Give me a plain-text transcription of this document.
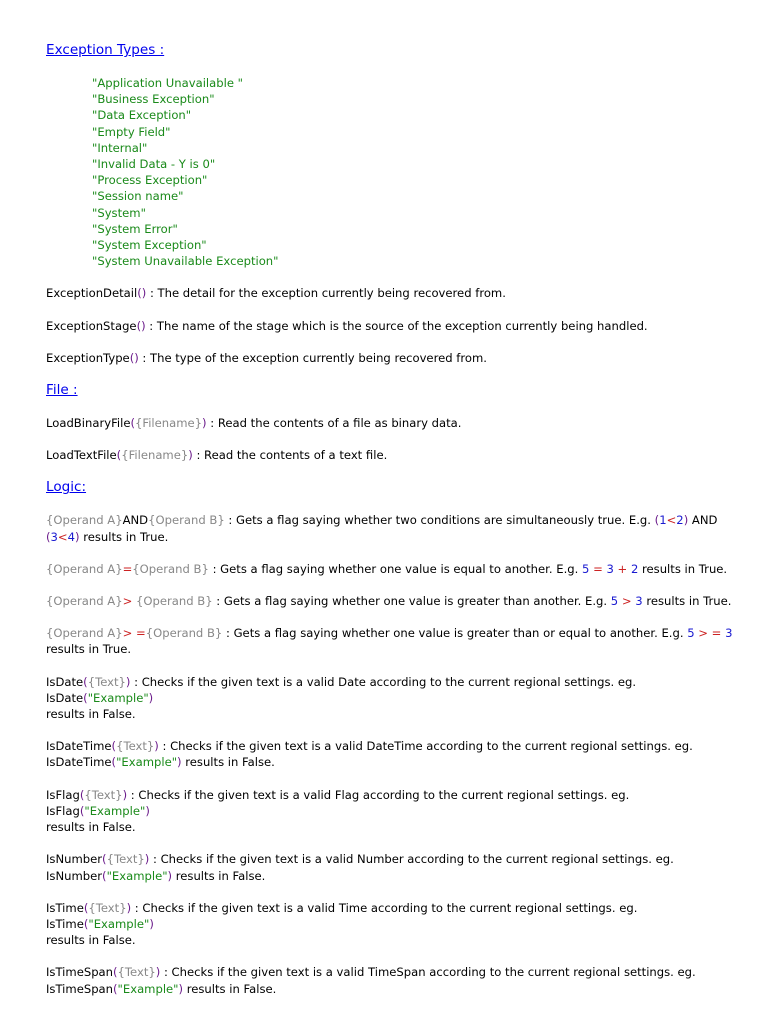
Exception Types :
"Application Unavailable "
"Business Exception"
"Data Exception"
"Empty Field"
"Internal"
"Invalid Data - Y is 0"
"Process Exception"
"Session name"
"System"
"System Error"
"System Exception"
"System Unavailable Exception"

ExceptionDetail() : The detail for the exception currently being recovered from.

ExceptionStage() : The name of the stage which is the source of the exception currently being handled.

ExceptionType() : The type of the exception currently being recovered from.

File :

LoadBinaryFile({Filename}) : Read the contents of a file as binary data.

LoadTextFile({Filename}) : Read the contents of a text file.

Logic:

{Operand A}AND{Operand B} : Gets a flag saying whether two conditions are simultaneously true. E.g. (1<2) AND
(3<4) results in True.

{Operand A}={Operand B} : Gets a flag saying whether one value is equal to another. E.g. 5 = 3 + 2 results in True.

{Operand A}> {Operand B} : Gets a flag saying whether one value is greater than another. E.g. 5 > 3 results in True.

{Operand A}> ={Operand B} : Gets a flag saying whether one value is greater than or equal to another. E.g. 5 > = 3
results in True.

IsDate({Text}) : Checks if the given text is a valid Date according to the current regional settings. eg. IsDate("Example")
results in False.

IsDateTime({Text}) : Checks if the given text is a valid DateTime according to the current regional settings. eg.
IsDateTime("Example") results in False.

IsFlag({Text}) : Checks if the given text is a valid Flag according to the current regional settings. eg. IsFlag("Example")
results in False.

IsNumber({Text}) : Checks if the given text is a valid Number according to the current regional settings. eg.
IsNumber("Example") results in False.

IsTime({Text}) : Checks if the given text is a valid Time according to the current regional settings. eg. IsTime("Example")
results in False.

IsTimeSpan({Text}) : Checks if the given text is a valid TimeSpan according to the current regional settings. eg.
IsTimeSpan("Example") results in False.
